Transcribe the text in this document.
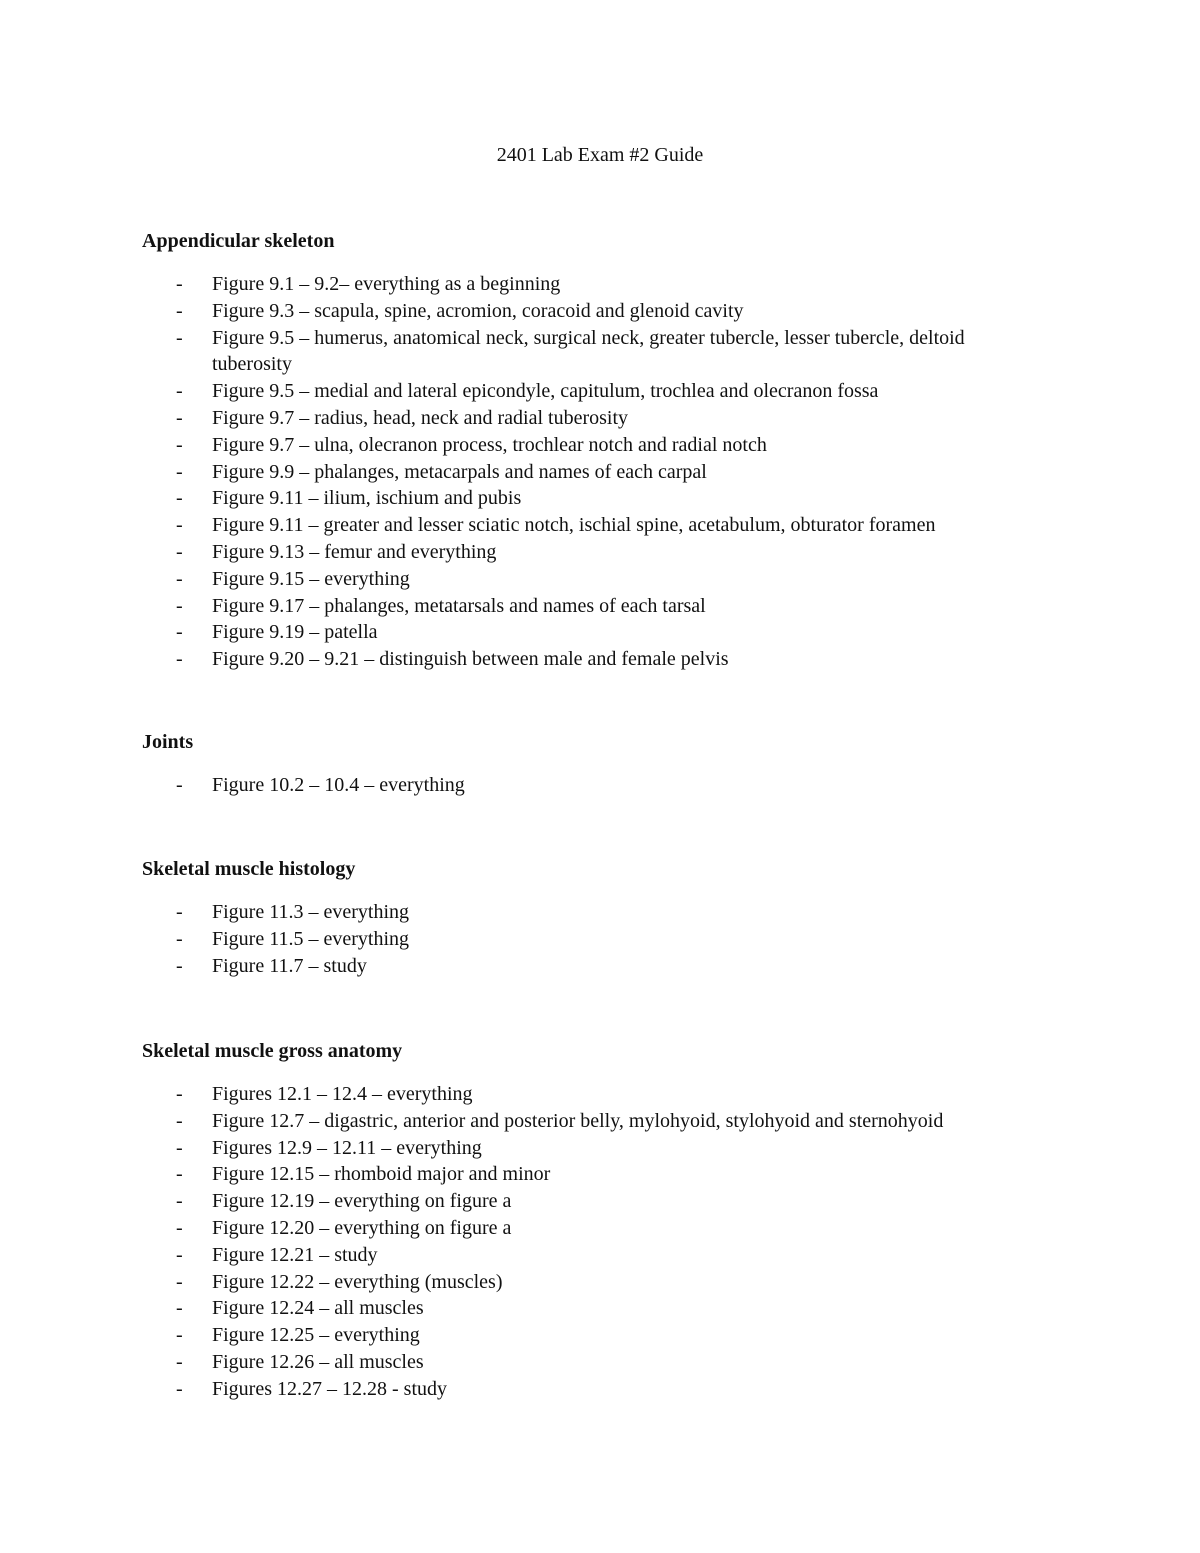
2401 Lab Exam #2 Guide
Appendicular skeleton
- Figure 9.1 – 9.2– everything as a beginning
- Figure 9.3 – scapula, spine, acromion, coracoid and glenoid cavity
- Figure 9.5 – humerus, anatomical neck, surgical neck, greater tubercle, lesser tubercle, deltoid tuberosity
- Figure 9.5 – medial and lateral epicondyle, capitulum, trochlea and olecranon fossa
- Figure 9.7 – radius, head, neck and radial tuberosity
- Figure 9.7 – ulna, olecranon process, trochlear notch and radial notch
- Figure 9.9 – phalanges, metacarpals and names of each carpal
- Figure 9.11 – ilium, ischium and pubis
- Figure 9.11 – greater and lesser sciatic notch, ischial spine, acetabulum, obturator foramen
- Figure 9.13 – femur and everything
- Figure 9.15 – everything
- Figure 9.17 – phalanges, metatarsals and names of each tarsal
- Figure 9.19 – patella
- Figure 9.20 – 9.21 – distinguish between male and female pelvis
Joints
- Figure 10.2 – 10.4 – everything
Skeletal muscle histology
- Figure 11.3 – everything
- Figure 11.5 – everything
- Figure 11.7 – study
Skeletal muscle gross anatomy
- Figures 12.1 – 12.4 – everything
- Figure 12.7 – digastric, anterior and posterior belly, mylohyoid, stylohyoid and sternohyoid
- Figures 12.9 – 12.11 – everything
- Figure 12.15 – rhomboid major and minor
- Figure 12.19 – everything on figure a
- Figure 12.20 – everything on figure a
- Figure 12.21 – study
- Figure 12.22 – everything (muscles)
- Figure 12.24 – all muscles
- Figure 12.25 – everything
- Figure 12.26 – all muscles
- Figures 12.27 – 12.28 - study
